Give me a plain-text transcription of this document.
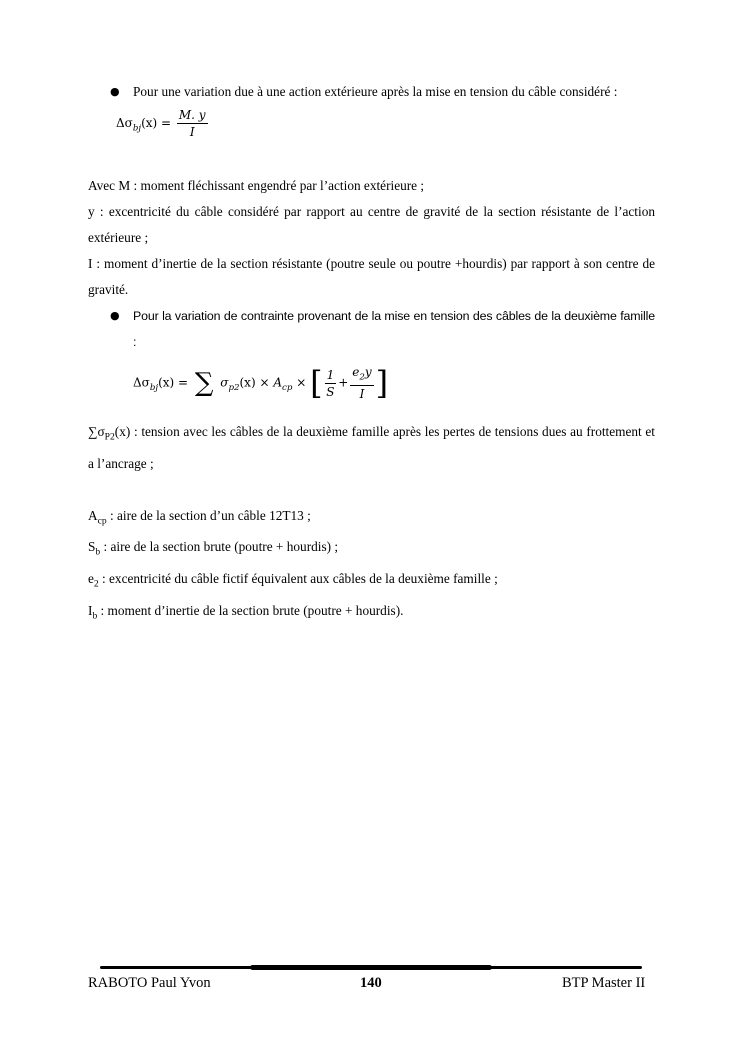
● Pour une variation due à une action extérieure après la mise en tension du câble considéré :
$\Delta\sigma_{bj}(x) = \frac{M. y}{I}$

Avec M : moment fléchissant engendré par l’action extérieure ;

y : excentricité du câble considéré par rapport au centre de gravité de la section résistante de l’action extérieure ;

I : moment d’inertie de la section résistante (poutre seule ou poutre +hourdis) par rapport à son centre de gravité.

● Pour la variation de contrainte provenant de la mise en tension des câbles de la deuxième famille :
$\Delta\sigma_{bj}(x)$ = ∑ $\sigma_{p2}(x) \times A_{cp}$ × [ $\frac{1}{S} + \frac{e_2y}{I}$ ]

$\sum\sigma_{P2}(x)$ : tension avec les câbles de la deuxième famille après les pertes de tensions dues au frottement et a l’ancrage ;

$A_{cp}$ : aire de la section d’un câble 12T13 ;

$S_b$ : aire de la section brute (poutre + hourdis) ;

$e_2$ : excentricité du câble fictif équivalent aux câbles de la deuxième famille ;

$I_b$ : moment d’inertie de la section brute (poutre + hourdis).

RABOTO Paul Yvon	140	BTP Master II
